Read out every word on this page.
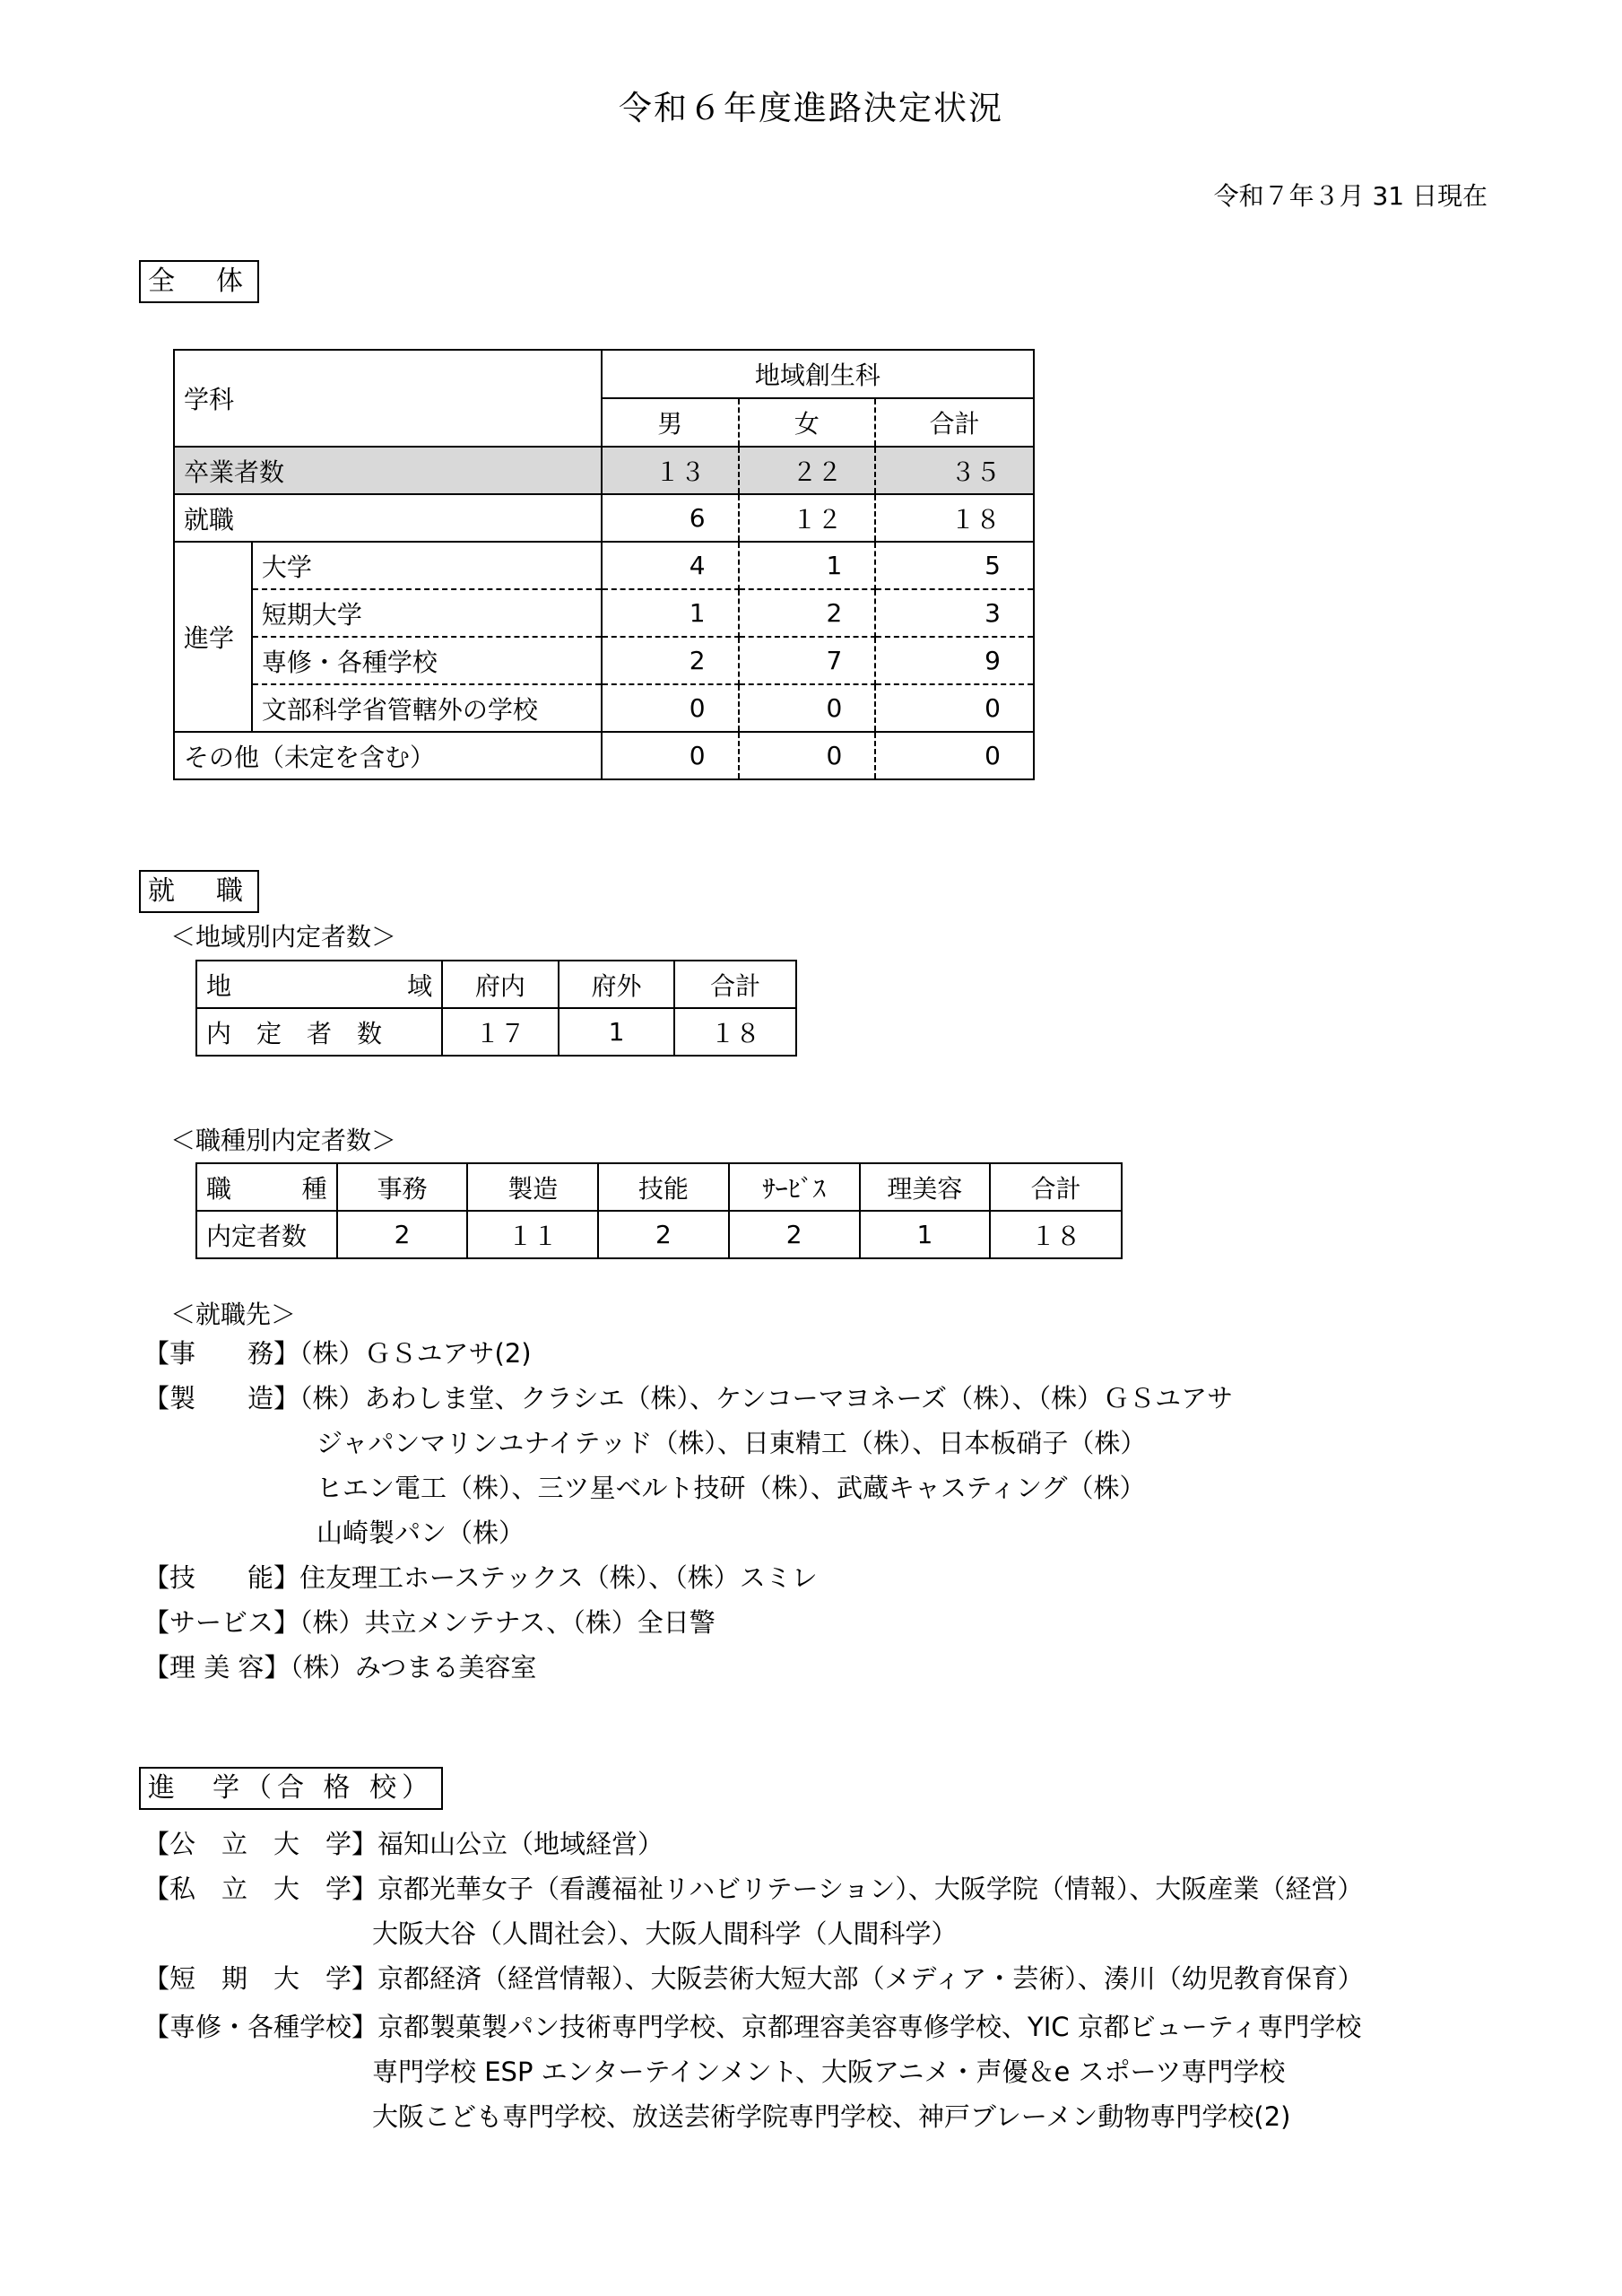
令和６年度進路決定状況
令和７年３月 31 日現在
全　体
学科		地域創生科		
		男	女	合計
卒業者数		１３	２２	３５
就職		6	１２	１８
進学	大学	4	1	5
	短期大学	1	2	3
	専修・各種学校	2	7	9
	文部科学省管轄外の学校	0	0	0
その他（未定を含む）		0	0	0
就　職
＜地域別内定者数＞
地 域	府内	府外	合計
内　定　者　数	１７	1	１８
＜職種別内定者数＞
職 種	事務	製造	技能	ｻｰﾋﾞｽ	理美容	合計
内定者数	2	１１	2	2	1	１８
＜就職先＞
【事　　務】（株）ＧＳユアサ(2)
【製　　造】（株）あわしま堂、クラシエ（株）、ケンコーマヨネーズ（株）、（株）ＧＳユアサ
ジャパンマリンユナイテッド（株）、日東精工（株）、日本板硝子（株）
ヒエン電工（株）、三ツ星ベルト技研（株）、武蔵キャスティング（株）
山崎製パン（株）
【技　　能】住友理工ホーステックス（株）、（株）スミレ
【サービス】（株）共立メンテナス、（株）全日警
【理 美 容】（株）みつまる美容室
進　学（合 格 校）
【公　立　大　学】福知山公立（地域経営）
【私　立　大　学】京都光華女子（看護福祉リハビリテーション）、大阪学院（情報）、大阪産業（経営）
大阪大谷（人間社会）、大阪人間科学（人間科学）
【短　期　大　学】京都経済（経営情報）、大阪芸術大短大部（メディア・芸術）、湊川（幼児教育保育）
【専修・各種学校】京都製菓製パン技術専門学校、京都理容美容専修学校、YIC 京都ビューティ専門学校
専門学校 ESP エンターテインメント、大阪アニメ・声優＆e スポーツ専門学校
大阪こども専門学校、放送芸術学院専門学校、神戸ブレーメン動物専門学校(2)
